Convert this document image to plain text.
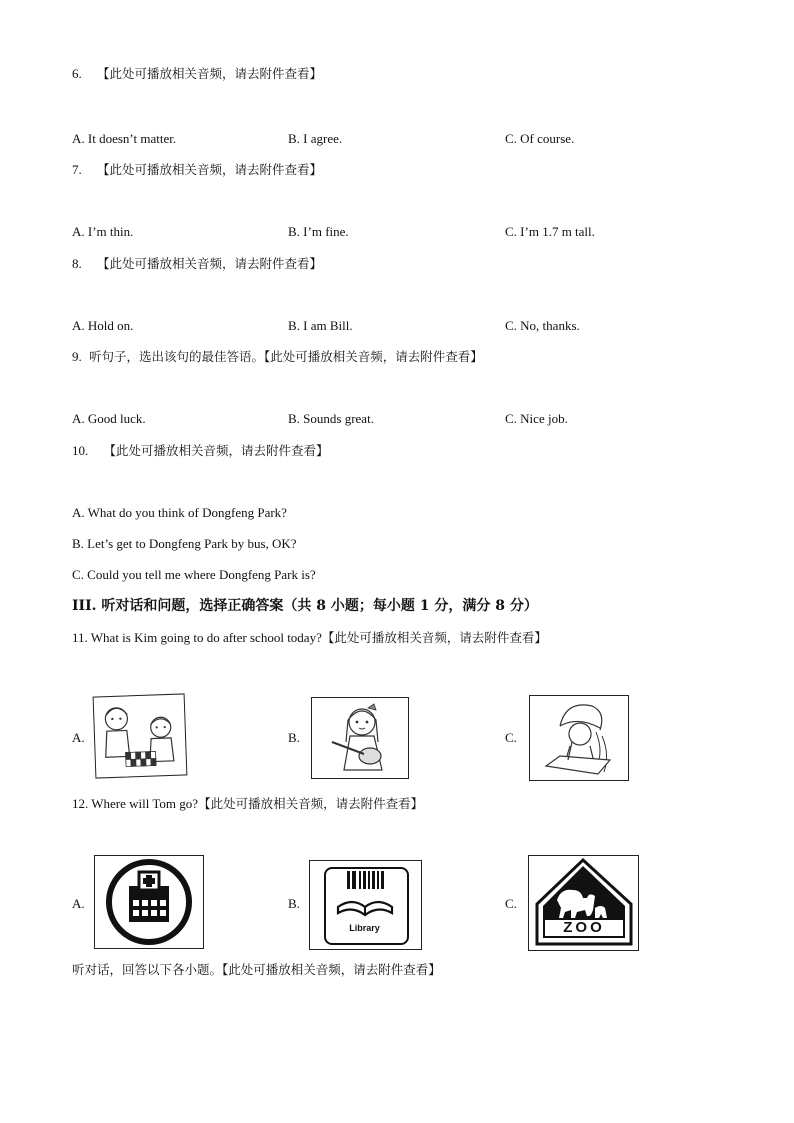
6. 【此处可播放相关音频，请去附件查看】
A. It doesn’t matter.	B. I agree.	C. Of course.
7. 【此处可播放相关音频，请去附件查看】
A. I’m thin.	B. I’m fine.	C. I’m 1.7 m tall.
8. 【此处可播放相关音频，请去附件查看】
A. Hold on.	B. I am Bill.	C. No, thanks.
9. 听句子，选出该句的最佳答语。【此处可播放相关音频，请去附件查看】
A. Good luck.	B. Sounds great.	C. Nice job.
10. 【此处可播放相关音频，请去附件查看】
A. What do you think of Dongfeng Park?
B. Let’s get to Dongfeng Park by bus, OK?
C. Could you tell me where Dongfeng Park is?
III. 听对话和问题，选择正确答案（共 8 小题；每小题 1 分，满分 8 分）
11. What is Kim going to do after school today?【此处可播放相关音频，请去附件查看】
A.	B.	C.
12. Where will Tom go?【此处可播放相关音频，请去附件查看】
A.	B.
Library
C.
ZOO
听对话，回答以下各小题。【此处可播放相关音频，请去附件查看】
